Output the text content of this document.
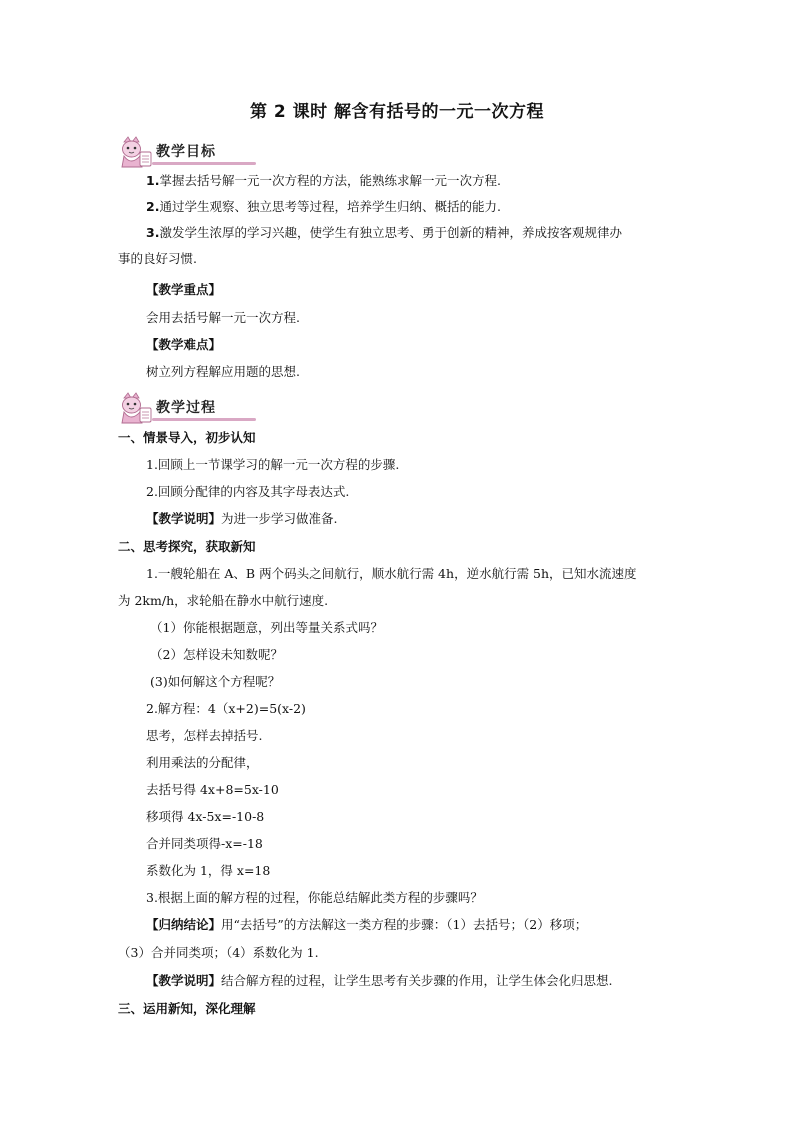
第 2 课时 解含有括号的一元一次方程
教学目标
1.掌握去括号解一元一次方程的方法，能熟练求解一元一次方程.
2.通过学生观察、独立思考等过程，培养学生归纳、概括的能力.
3.激发学生浓厚的学习兴趣，使学生有独立思考、勇于创新的精神，养成按客观规律办
事的良好习惯.
【教学重点】
会用去括号解一元一次方程.
【教学难点】
树立列方程解应用题的思想.
教学过程
一、情景导入，初步认知
1.回顾上一节课学习的解一元一次方程的步骤.
2.回顾分配律的内容及其字母表达式.
【教学说明】为进一步学习做准备.
二、思考探究，获取新知
1.一艘轮船在 A、B 两个码头之间航行，顺水航行需 4h，逆水航行需 5h，已知水流速度
为 2km/h，求轮船在静水中航行速度.
（1）你能根据题意，列出等量关系式吗？
（2）怎样设未知数呢？
(3)如何解这个方程呢？
2.解方程：4（x+2)=5(x-2)
思考，怎样去掉括号.
利用乘法的分配律，
去括号得 4x+8=5x-10
移项得 4x-5x=-10-8
合并同类项得-x=-18
系数化为 1，得 x=18
3.根据上面的解方程的过程，你能总结解此类方程的步骤吗？
【归纳结论】用“去括号”的方法解这一类方程的步骤：（1）去括号；（2）移项；
（3）合并同类项；（4）系数化为 1.
【教学说明】结合解方程的过程，让学生思考有关步骤的作用，让学生体会化归思想.
三、运用新知，深化理解
